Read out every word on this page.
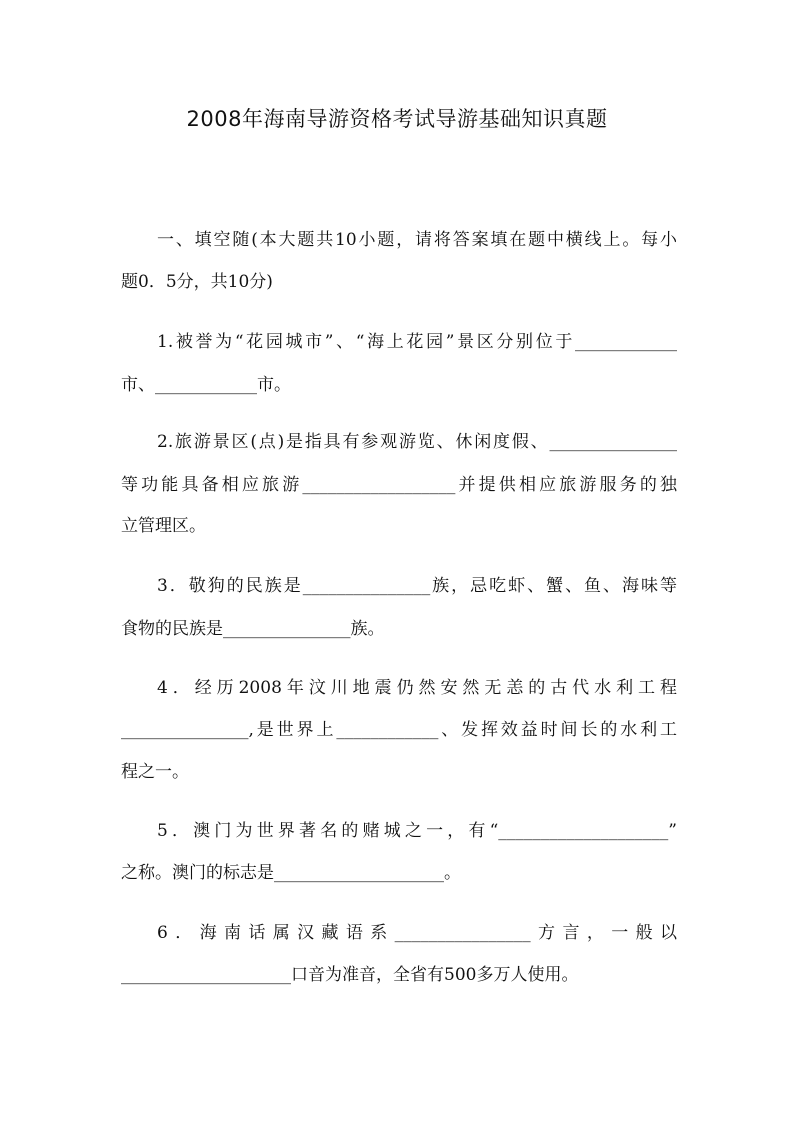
2008年海南导游资格考试导游基础知识真题
一、填空随(本大题共10小题，请将答案填在题中横线上。每小
题0．5分，共10分)
1.被誉为“花园城市”、“海上花园”景区分别位于____________
市、____________市。
2.旅游景区(点)是指具有参观游览、休闲度假、_______________
等功能具备相应旅游__________________并提供相应旅游服务的独
立管理区。
3．敬狗的民族是_______________族，忌吃虾、蟹、鱼、海味等
食物的民族是_______________族。
4．经历2008年汶川地震仍然安然无恙的古代水利工程
_______________,是世界上____________、发挥效益时间长的水利工
程之一。
5．澳门为世界著名的赌城之一，有“____________________”
之称。澳门的标志是____________________。
6．海南话属汉藏语系________________方言，一般以
____________________口音为准音，全省有500多万人使用。
